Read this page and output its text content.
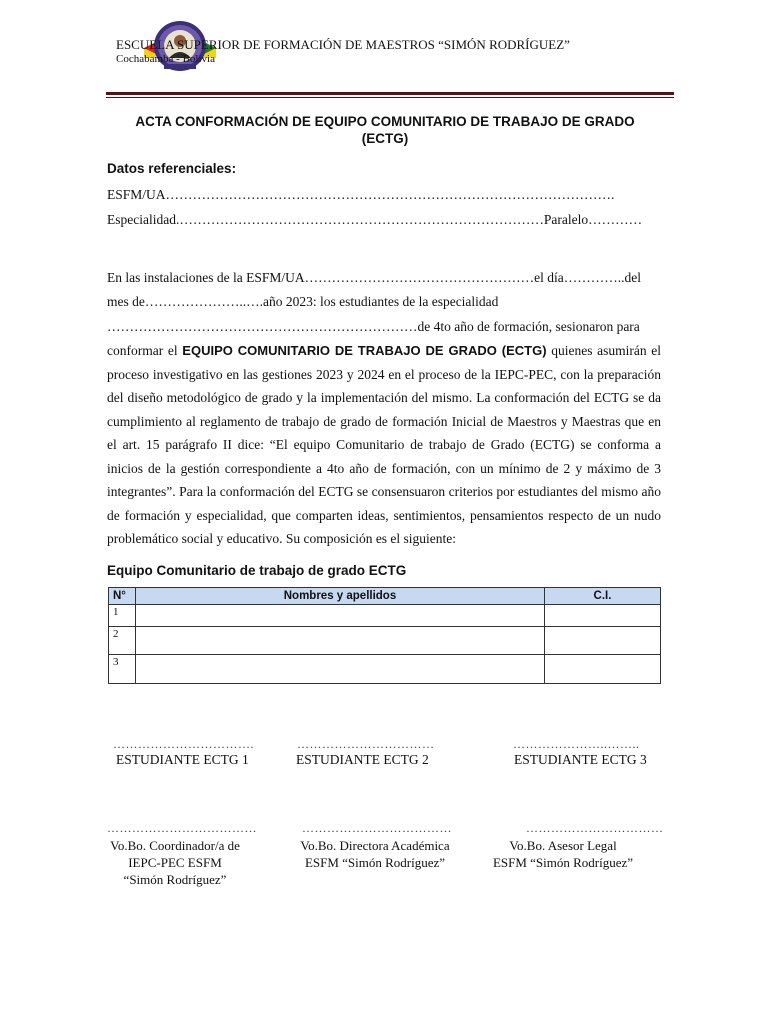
ESCUELA SUPERIOR DE FORMACIÓN DE MAESTROS “SIMÓN RODRÍGUEZ”
Cochabamba - Bolivia
ACTA CONFORMACIÓN DE EQUIPO COMUNITARIO DE TRABAJO DE GRADO (ECTG)
Datos referenciales:
ESFM/UA……………………………………………………………………………………….
Especialidad.………………………………………………………………………Paralelo…………
En las instalaciones de la ESFM/UA……………………………………………el día…………..del
mes de…………………..….año 2023: los estudiantes de la especialidad
……………………………………………………………de 4to año de formación, sesionaron para
conformar el EQUIPO COMUNITARIO DE TRABAJO DE GRADO (ECTG) quienes asumirán el proceso investigativo en las gestiones 2023 y 2024 en el proceso de la IEPC-PEC, con la preparación del diseño metodológico de grado y la implementación del mismo. La conformación del ECTG se da cumplimiento al reglamento de trabajo de grado de formación Inicial de Maestros y Maestras que en el art. 15 parágrafo II dice: “El equipo Comunitario de trabajo de Grado (ECTG) se conforma a inicios de la gestión correspondiente a 4to año de formación, con un mínimo de 2 y máximo de 3 integrantes”. Para la conformación del ECTG se consensuaron criterios por estudiantes del mismo año de formación y especialidad, que comparten ideas, sentimientos, pensamientos respecto de un nudo problemático social y educativo. Su composición es el siguiente:
Equipo Comunitario de trabajo de grado ECTG
N°	Nombres y apellidos	C.I.
1		
2		
3		
…………………………….	……………………………	…………………..……..
ESTUDIANTE ECTG 1	ESTUDIANTE ECTG 2	ESTUDIANTE ECTG 3
………………………………	………………………………	……………………………
Vo.Bo. Coordinador/a de
IEPC-PEC ESFM
“Simón Rodríguez”
Vo.Bo. Directora Académica
ESFM “Simón Rodríguez”
Vo.Bo. Asesor Legal
ESFM “Simón Rodríguez”
